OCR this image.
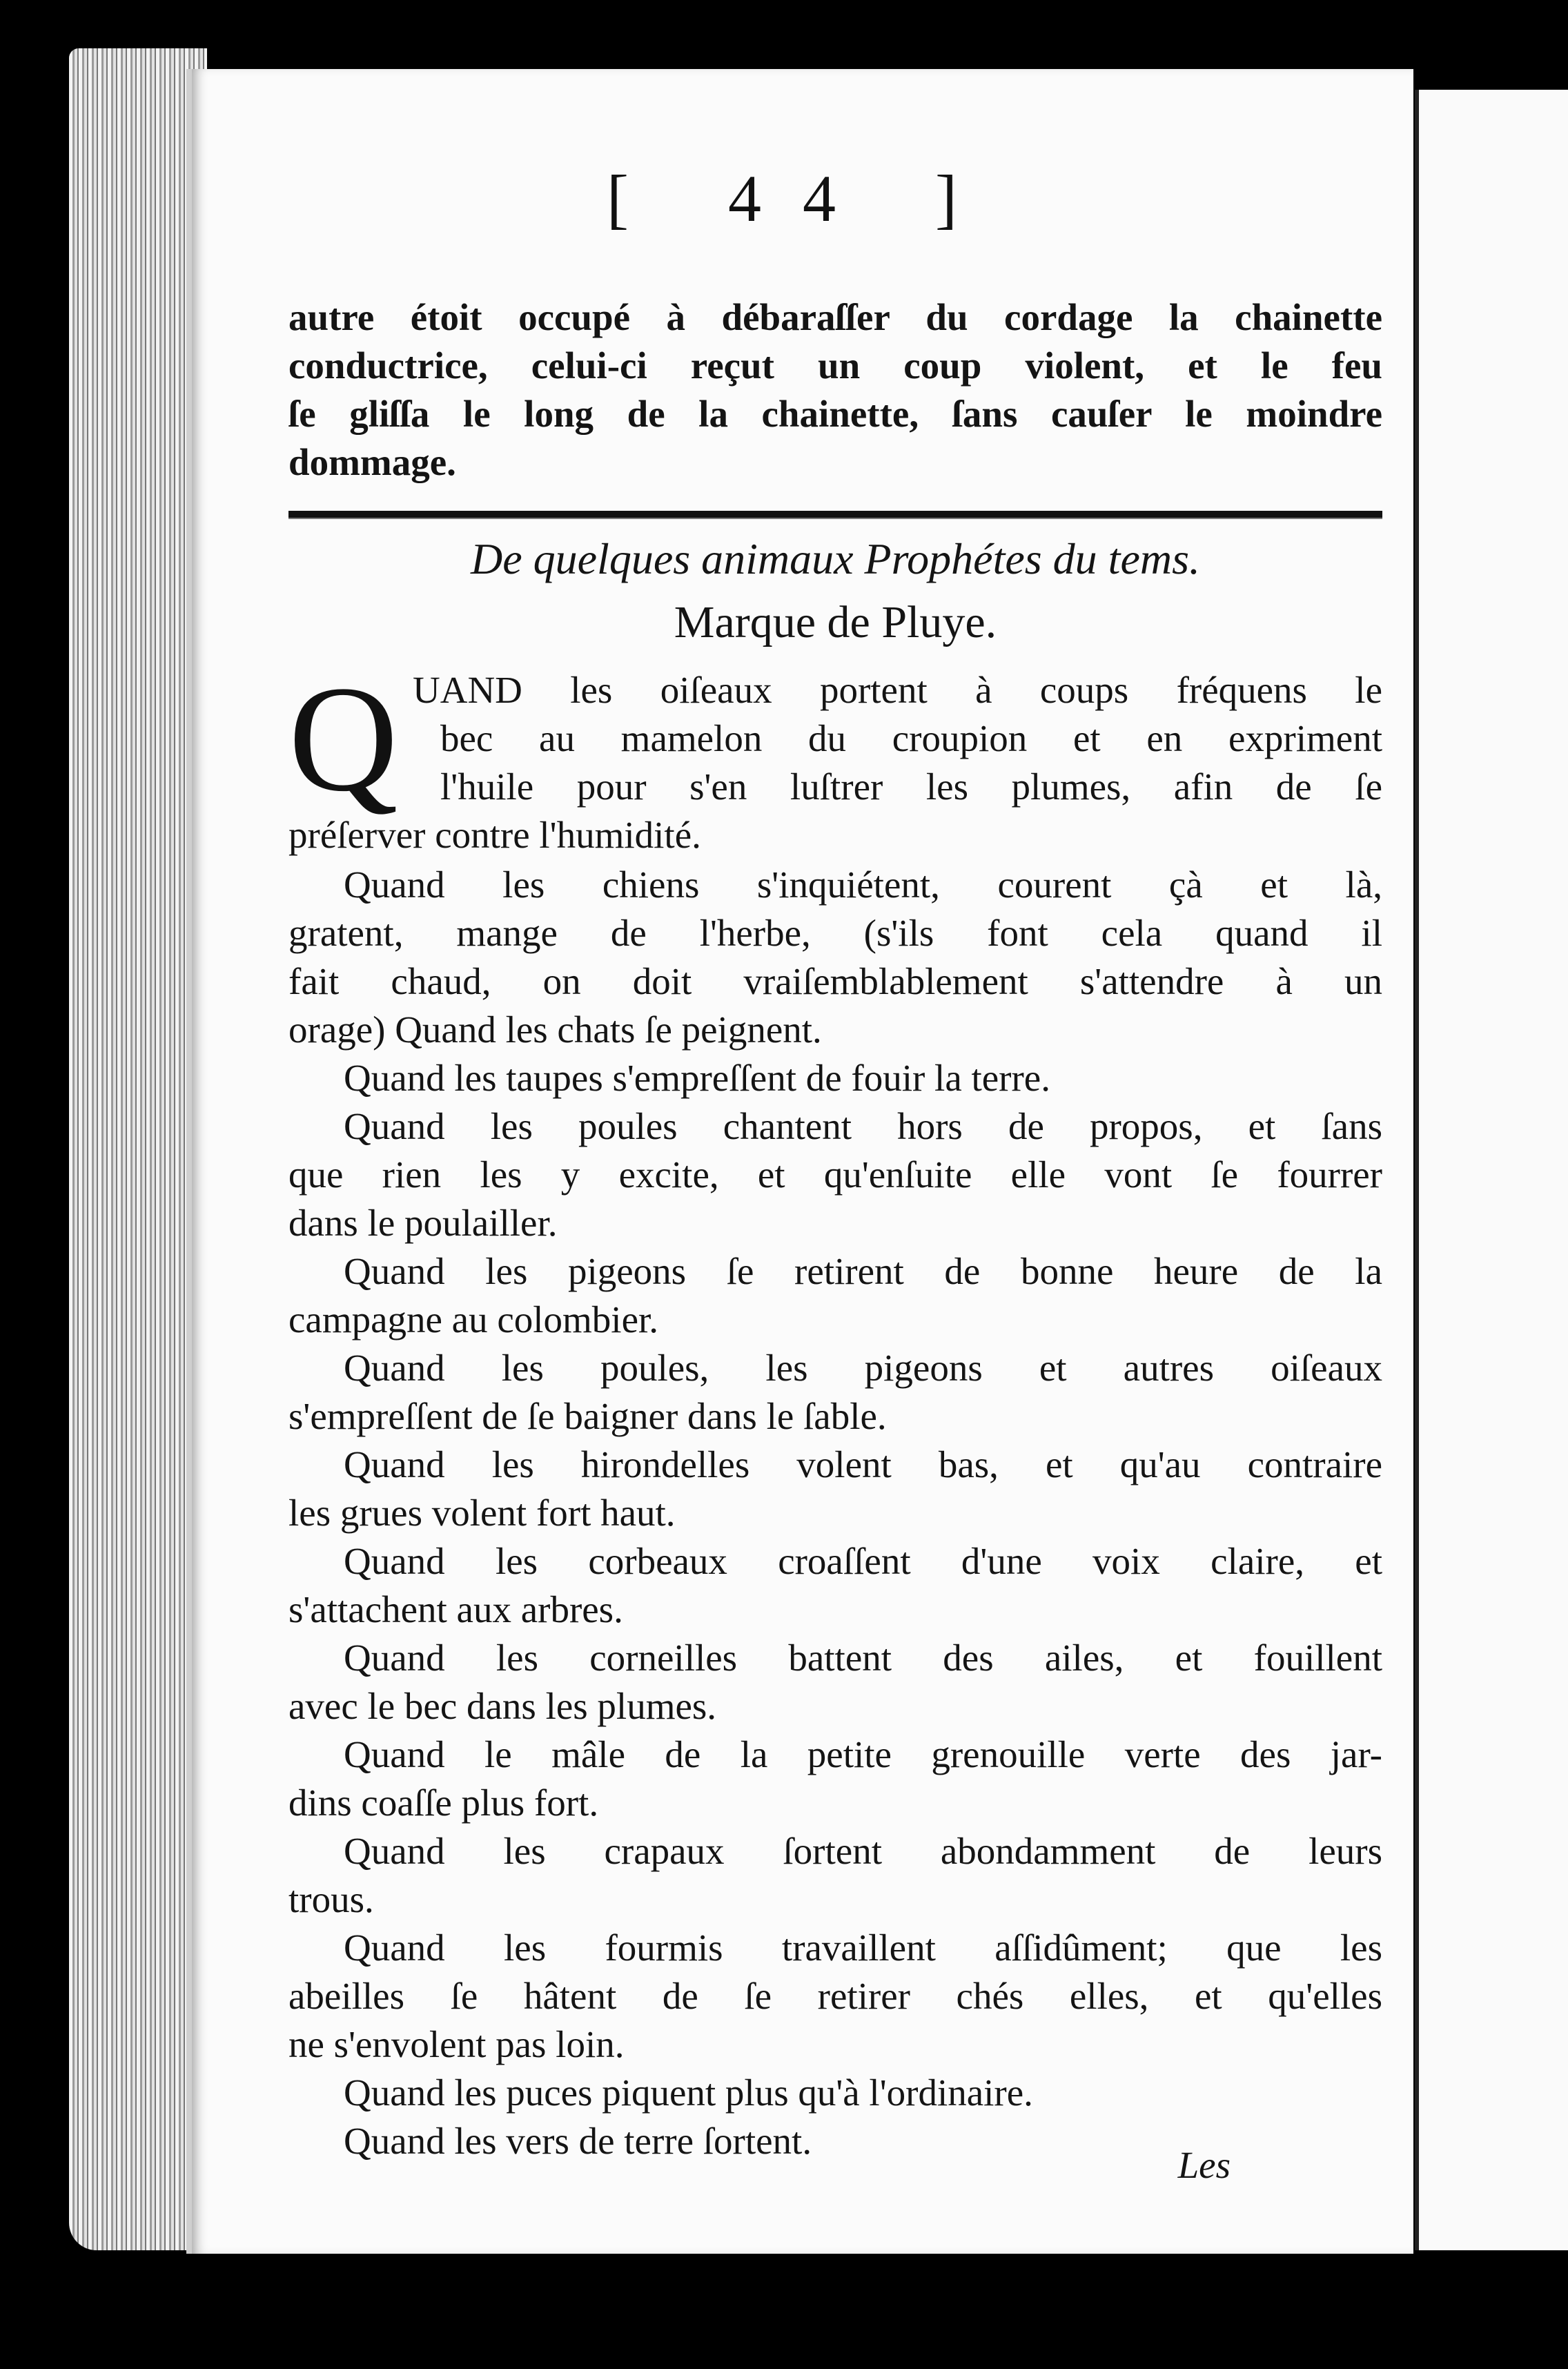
[ 44 ]
autre étoit occupé à débaraſſer du cordage la chainette
conductrice, celui-ci reçut un coup violent, et le feu
ſe gliſſa le long de la chainette, ſans cauſer le moindre
dommage.
De quelques animaux Prophétes du tems.
Marque de Pluye.
Q UAND les oiſeaux portent à coups fréquens le
bec au mamelon du croupion et en expriment
l'huile pour s'en luſtrer les plumes, afin de ſe
préſerver contre l'humidité.
Quand les chiens s'inquiétent, courent çà et là,
gratent, mange de l'herbe, (s'ils font cela quand il
fait chaud, on doit vraiſemblablement s'attendre à un
orage) Quand les chats ſe peignent.
Quand les taupes s'empreſſent de fouir la terre.
Quand les poules chantent hors de propos, et ſans
que rien les y excite, et qu'enſuite elle vont ſe fourrer
dans le poulailler.
Quand les pigeons ſe retirent de bonne heure de la
campagne au colombier.
Quand les poules, les pigeons et autres oiſeaux
s'empreſſent de ſe baigner dans le ſable.
Quand les hirondelles volent bas, et qu'au contraire
les grues volent fort haut.
Quand les corbeaux croaſſent d'une voix claire, et
s'attachent aux arbres.
Quand les corneilles battent des ailes, et fouillent
avec le bec dans les plumes.
Quand le mâle de la petite grenouille verte des jar-
dins coaſſe plus fort.
Quand les crapaux ſortent abondamment de leurs
trous.
Quand les fourmis travaillent aſſidûment; que les
abeilles ſe hâtent de ſe retirer chés elles, et qu'elles
ne s'envolent pas loin.
Quand les puces piquent plus qu'à l'ordinaire.
Quand les vers de terre ſortent.
Les
